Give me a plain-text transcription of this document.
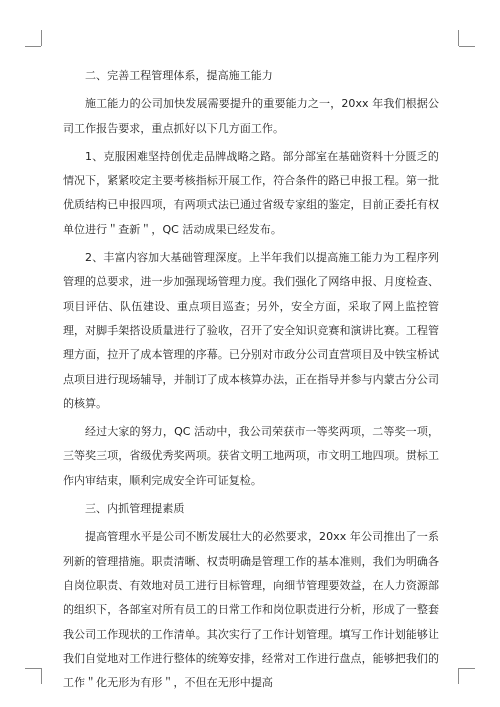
二、完善工程管理体系，提高施工能力

施工能力的公司加快发展需要提升的重要能力之一，20xx 年我们根据公司工作报告要求，重点抓好以下几方面工作。

1、克服困难坚持创优走品牌战略之路。部分部室在基础资料十分匮乏的情况下，紧紧咬定主要考核指标开展工作，符合条件的路已申报工程。第一批优质结构已申报四项，有两项式法已通过省级专家组的鉴定，目前正委托有权单位进行＂查新＂，QC 活动成果已经发布。

2、丰富内容加大基础管理深度。上半年我们以提高施工能力为工程序列管理的总要求，进一步加强现场管理力度。我们强化了网络申报、月度检查、项目评估、队伍建设、重点项目巡查；另外，安全方面，采取了网上监控管理，对脚手架搭设质量进行了验收，召开了安全知识竞赛和演讲比赛。工程管理方面，拉开了成本管理的序幕。已分别对市政分公司直营项目及中铁宝桥试点项目进行现场辅导，并制订了成本核算办法，正在指导并参与内蒙古分公司的核算。

经过大家的努力，QC 活动中，我公司荣获市一等奖两项，二等奖一项，三等奖三项，省级优秀奖两项。获省文明工地两项，市文明工地四项。贯标工作内审结束，顺利完成安全许可证复检。

三、内抓管理提素质

提高管理水平是公司不断发展壮大的必然要求，20xx 年公司推出了一系列新的管理措施。职责清晰、权责明确是管理工作的基本准则，我们为明确各自岗位职责、有效地对员工进行目标管理，向细节管理要效益，在人力资源部的组织下，各部室对所有员工的日常工作和岗位职责进行分析，形成了一整套我公司工作现状的工作清单。其次实行了工作计划管理。填写工作计划能够让我们自觉地对工作进行整体的统筹安排，经常对工作进行盘点，能够把我们的工作＂化无形为有形＂，不但在无形中提高
